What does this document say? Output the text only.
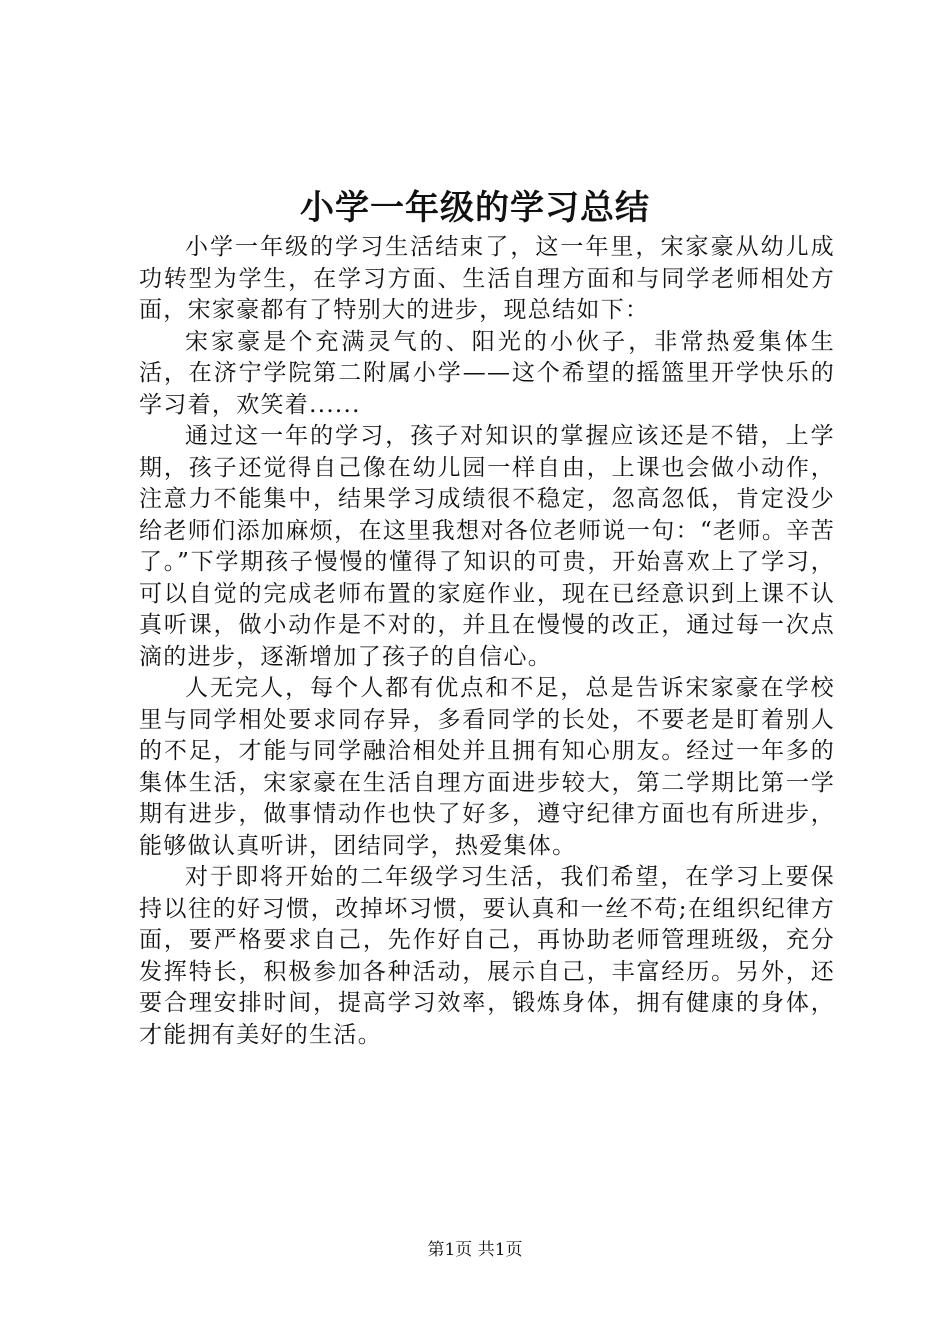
小学一年级的学习总结

小学一年级的学习生活结束了，这一年里，宋家豪从幼儿成功转型为学生，在学习方面、生活自理方面和与同学老师相处方面，宋家豪都有了特别大的进步，现总结如下：

宋家豪是个充满灵气的、阳光的小伙子，非常热爱集体生活，在济宁学院第二附属小学——这个希望的摇篮里开学快乐的学习着，欢笑着......

通过这一年的学习，孩子对知识的掌握应该还是不错，上学期，孩子还觉得自己像在幼儿园一样自由，上课也会做小动作，注意力不能集中，结果学习成绩很不稳定，忽高忽低，肯定没少给老师们添加麻烦，在这里我想对各位老师说一句：“老师。辛苦了。”下学期孩子慢慢的懂得了知识的可贵，开始喜欢上了学习，可以自觉的完成老师布置的家庭作业，现在已经意识到上课不认真听课，做小动作是不对的，并且在慢慢的改正，通过每一次点滴的进步，逐渐增加了孩子的自信心。

人无完人，每个人都有优点和不足，总是告诉宋家豪在学校里与同学相处要求同存异，多看同学的长处，不要老是盯着别人的不足，才能与同学融洽相处并且拥有知心朋友。经过一年多的集体生活，宋家豪在生活自理方面进步较大，第二学期比第一学期有进步，做事情动作也快了好多，遵守纪律方面也有所进步，能够做认真听讲，团结同学，热爱集体。

对于即将开始的二年级学习生活，我们希望，在学习上要保持以往的好习惯，改掉坏习惯，要认真和一丝不苟;在组织纪律方面，要严格要求自己，先作好自己，再协助老师管理班级，充分发挥特长，积极参加各种活动，展示自己，丰富经历。另外，还要合理安排时间，提高学习效率，锻炼身体，拥有健康的身体，才能拥有美好的生活。

第1页 共1页
